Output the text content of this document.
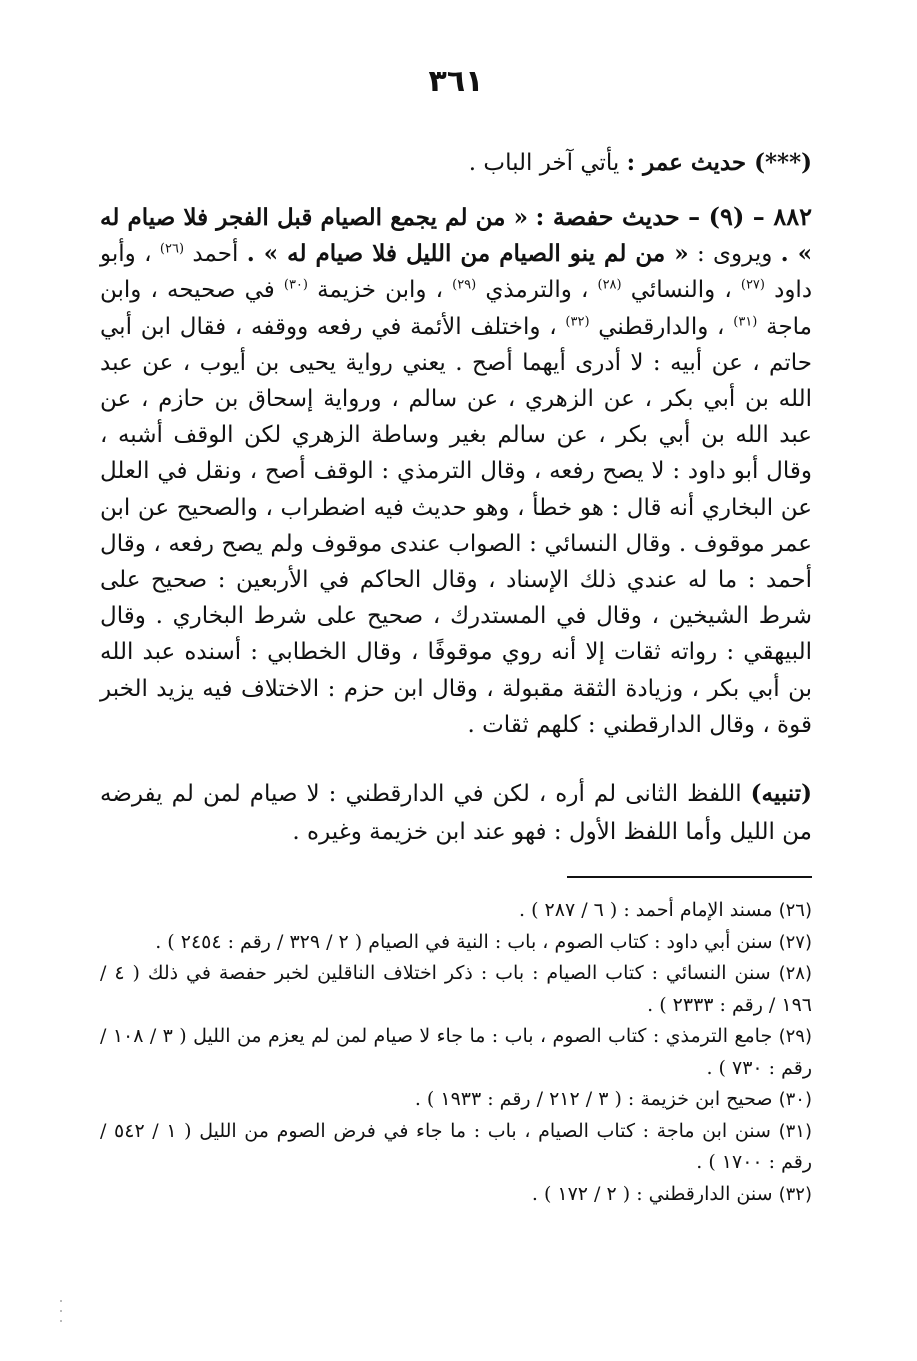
٣٦١
(***) حديث عمر : يأتي آخر الباب .
٨٨٢ – (٩) – حديث حفصة : « من لم يجمع الصيام قبل الفجر فلا صيام له » . ويروى : « من لم ينو الصيام من الليل فلا صيام له » . أحمد $^{(٢٦)}$ ، وأبو داود $^{(٢٧)}$ ، والنسائي $^{(٢٨)}$ ، والترمذي $^{(٢٩)}$ ، وابن خزيمة $^{(٣٠)}$ في صحيحه ، وابن ماجة $^{(٣١)}$ ، والدارقطني $^{(٣٢)}$ ، واختلف الأئمة في رفعه ووقفه ، فقال ابن أبي حاتم ، عن أبيه : لا أدرى أيهما أصح . يعني رواية يحيى بن أيوب ، عن عبد الله بن أبي بكر ، عن الزهري ، عن سالم ، ورواية إسحاق بن حازم ، عن عبد الله بن أبي بكر ، عن سالم بغير وساطة الزهري لكن الوقف أشبه ، وقال أبو داود : لا يصح رفعه ، وقال الترمذي : الوقف أصح ، ونقل في العلل عن البخاري أنه قال : هو خطأ ، وهو حديث فيه اضطراب ، والصحيح عن ابن عمر موقوف . وقال النسائي : الصواب عندى موقوف ولم يصح رفعه ، وقال أحمد : ما له عندي ذلك الإسناد ، وقال الحاكم في الأربعين : صحيح على شرط الشيخين ، وقال في المستدرك ، صحيح على شرط البخاري . وقال البيهقي : رواته ثقات إلا أنه روي موقوفًا ، وقال الخطابي : أسنده عبد الله بن أبي بكر ، وزيادة الثقة مقبولة ، وقال ابن حزم : الاختلاف فيه يزيد الخبر قوة ، وقال الدارقطني : كلهم ثقات .
(تنبيه) اللفظ الثانى لم أره ، لكن في الدارقطني : لا صيام لمن لم يفرضه من الليل وأما اللفظ الأول : فهو عند ابن خزيمة وغيره .

(٢٦) مسند الإمام أحمد : ( ٦ / ٢٨٧ ) .

(٢٧) سنن أبي داود : كتاب الصوم ، باب : النية في الصيام ( ٢ / ٣٢٩ / رقم : ٢٤٥٤ ) .

(٢٨) سنن النسائي : كتاب الصيام : باب : ذكر اختلاف الناقلين لخبر حفصة في ذلك ( ٤ / ١٩٦ / رقم : ٢٣٣٣ ) .

(٢٩) جامع الترمذي : كتاب الصوم ، باب : ما جاء لا صيام لمن لم يعزم من الليل ( ٣ / ١٠٨ / رقم : ٧٣٠ ) .

(٣٠) صحيح ابن خزيمة : ( ٣ / ٢١٢ / رقم : ١٩٣٣ ) .

(٣١) سنن ابن ماجة : كتاب الصيام ، باب : ما جاء في فرض الصوم من الليل ( ١ / ٥٤٢ / رقم : ١٧٠٠ ) .

(٣٢) سنن الدارقطني : ( ٢ / ١٧٢ ) .
